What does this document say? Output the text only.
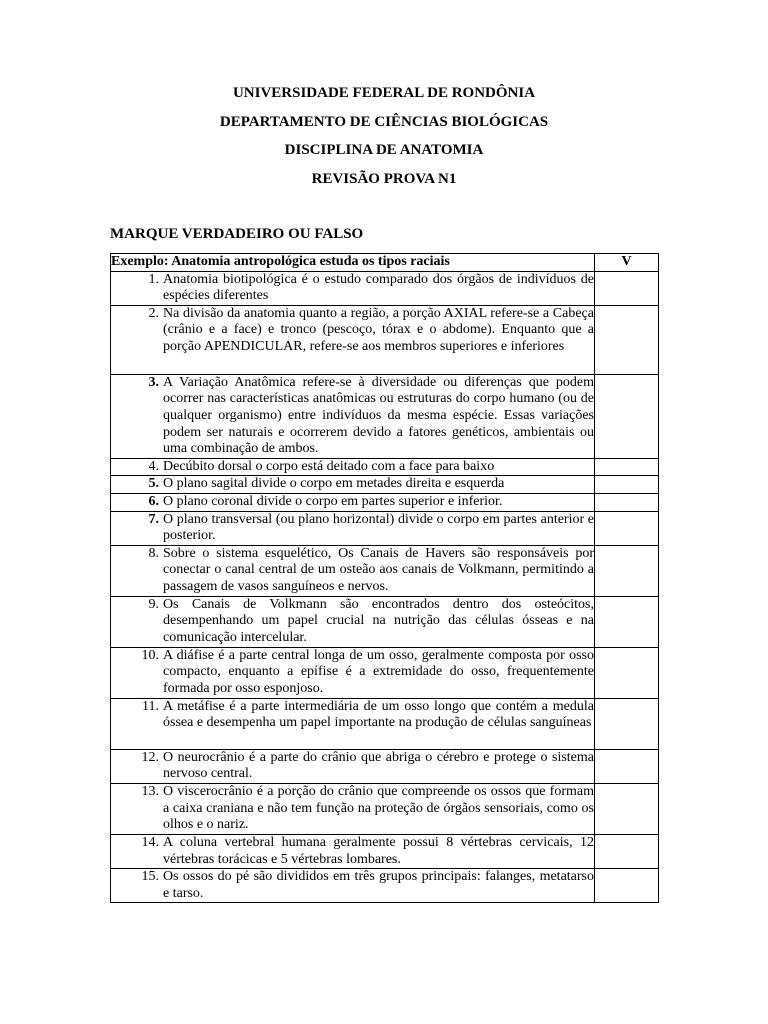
UNIVERSIDADE FEDERAL DE RONDÔNIA
DEPARTAMENTO DE CIÊNCIAS BIOLÓGICAS
DISCIPLINA DE ANATOMIA
REVISÃO PROVA N1
MARQUE VERDADEIRO OU FALSO
Exemplo: Anatomia antropológica estuda os tipos raciais	V

1. Anatomia biotipológica é o estudo comparado dos órgãos de indivíduos de espécies diferentes	

2. Na divisão da anatomia quanto a região, a porção AXIAL refere-se a Cabeça (crânio e a face) e tronco (pescoço, tórax e o abdome). Enquanto que a porção APENDICULAR, refere-se aos membros superiores e inferiores	

3. A Variação Anatômica refere-se à diversidade ou diferenças que podem ocorrer nas características anatômicas ou estruturas do corpo humano (ou de qualquer organismo) entre indivíduos da mesma espécie. Essas variações podem ser naturais e ocorrerem devido a fatores genéticos, ambientais ou uma combinação de ambos.	

4. Decúbito dorsal o corpo está deitado com a face para baixo	

5. O plano sagital divide o corpo em metades direita e esquerda	

6. O plano coronal divide o corpo em partes superior e inferior.	

7. O plano transversal (ou plano horizontal) divide o corpo em partes anterior e posterior.	

8. Sobre o sistema esquelético, Os Canais de Havers são responsáveis por conectar o canal central de um osteão aos canais de Volkmann, permitindo a passagem de vasos sanguíneos e nervos.	

9. Os Canais de Volkmann são encontrados dentro dos osteócitos, desempenhando um papel crucial na nutrição das células ósseas e na comunicação intercelular.	

10. A diáfise é a parte central longa de um osso, geralmente composta por osso compacto, enquanto a epífise é a extremidade do osso, frequentemente formada por osso esponjoso.	

11. A metáfise é a parte intermediária de um osso longo que contém a medula óssea e desempenha um papel importante na produção de células sanguíneas	

12. O neurocrânio é a parte do crânio que abriga o cérebro e protege o sistema nervoso central.	

13. O viscerocrânio é a porção do crânio que compreende os ossos que formam a caixa craniana e não tem função na proteção de órgãos sensoriais, como os olhos e o nariz.	

14. A coluna vertebral humana geralmente possui 8 vértebras cervicais, 12 vértebras torácicas e 5 vértebras lombares.	

15. Os ossos do pé são divididos em três grupos principais: falanges, metatarso e tarso.	
